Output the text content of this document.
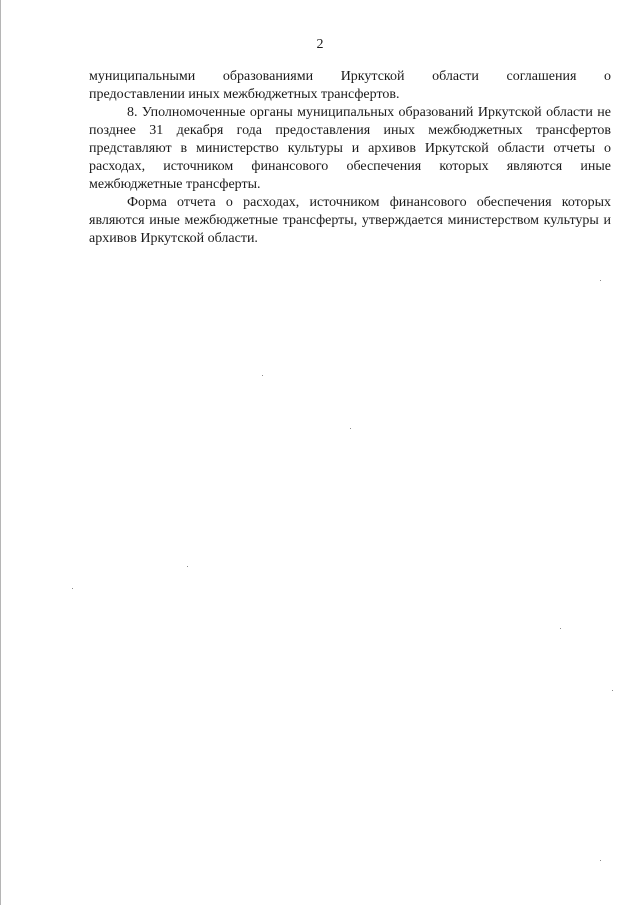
2

муниципальными образованиями Иркутской области соглашения о
предоставлении иных межбюджетных трансфертов.

8. Уполномоченные органы муниципальных образований Иркутской области не позднее 31 декабря года предоставления иных межбюджетных трансфертов представляют в министерство культуры и архивов Иркутской области отчеты о расходах, источником финансового обеспечения которых являются иные межбюджетные трансферты.

Форма отчета о расходах, источником финансового обеспечения которых являются иные межбюджетные трансферты, утверждается министерством культуры и архивов Иркутской области.
